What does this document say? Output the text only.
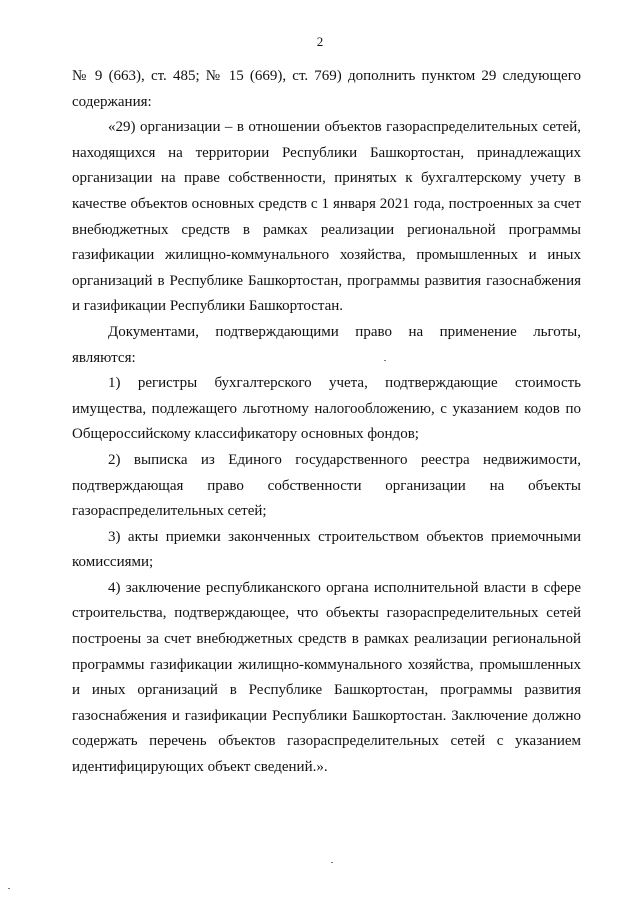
2

№ 9 (663), ст. 485; № 15 (669), ст. 769) дополнить пунктом 29 следующего содержания:

«29) организации – в отношении объектов газораспределительных сетей, находящихся на территории Республики Башкортостан, принадлежащих организации на праве собственности, принятых к бухгалтерскому учету в качестве объектов основных средств с 1 января 2021 года, построенных за счет внебюджетных средств в рамках реализации региональной программы газификации жилищно-коммунального хозяйства, промышленных и иных организаций в Республике Башкортостан, программы развития газоснабжения и газификации Республики Башкортостан.

Документами, подтверждающими право на применение льготы, являются:

1) регистры бухгалтерского учета, подтверждающие стоимость имущества, подлежащего льготному налогообложению, с указанием кодов по Общероссийскому классификатору основных фондов;

2) выписка из Единого государственного реестра недвижимости, подтверждающая право собственности организации на объекты газораспределительных сетей;

3) акты приемки законченных строительством объектов приемочными комиссиями;

4) заключение республиканского органа исполнительной власти в сфере строительства, подтверждающее, что объекты газораспределительных сетей построены за счет внебюджетных средств в рамках реализации региональной программы газификации жилищно-коммунального хозяйства, промышленных и иных организаций в Республике Башкортостан, программы развития газоснабжения и газификации Республики Башкортостан. Заключение должно содержать перечень объектов газораспределительных сетей с указанием идентифицирующих объект сведений.».
